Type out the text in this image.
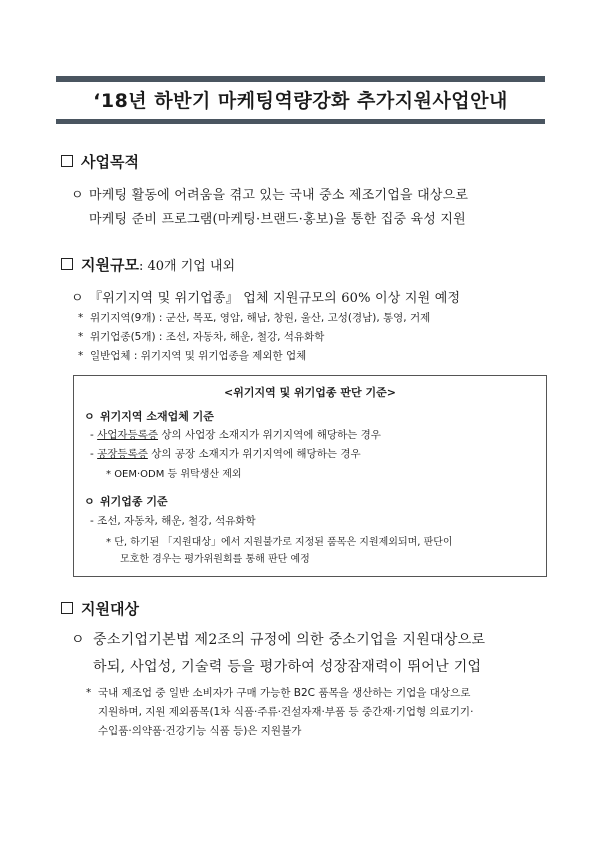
‘18년 하반기 마케팅역량강화 추가지원사업안내
사업목적
ㅇ 마케팅 활동에 어려움을 겪고 있는 국내 중소 제조기업을 대상으로
마케팅 준비 프로그램(마케팅·브랜드·홍보)을 통한 집중 육성 지원
지원규모: 40개 기업 내외
ㅇ 『위기지역 및 위기업종』 업체 지원규모의 60% 이상 지원 예정
* 위기지역(9개) : 군산, 목포, 영암, 해남, 창원, 울산, 고성(경남), 통영, 거제
* 위기업종(5개) : 조선, 자동차, 해운, 철강, 석유화학
* 일반업체 : 위기지역 및 위기업종을 제외한 업체
<위기지역 및 위기업종 판단 기준>
ㅇ 위기지역 소재업체 기준
- 사업자등록증 상의 사업장 소재지가 위기지역에 해당하는 경우
- 공장등록증 상의 공장 소재지가 위기지역에 해당하는 경우
* OEM·ODM 등 위탁생산 제외
ㅇ 위기업종 기준
- 조선, 자동차, 해운, 철강, 석유화학
* 단, 하기된 「지원대상」에서 지원불가로 지정된 품목은 지원제외되며, 판단이
모호한 경우는 평가위원회를 통해 판단 예정
지원대상
ㅇ 중소기업기본법 제2조의 규정에 의한 중소기업을 지원대상으로
하되, 사업성, 기술력 등을 평가하여 성장잠재력이 뛰어난 기업
* 국내 제조업 중 일반 소비자가 구매 가능한 B2C 품목을 생산하는 기업을 대상으로
지원하며, 지원 제외품목(1차 식품·주류·건설자재·부품 등 중간재·기업형 의료기기·
수입품·의약품·건강기능 식품 등)은 지원불가
